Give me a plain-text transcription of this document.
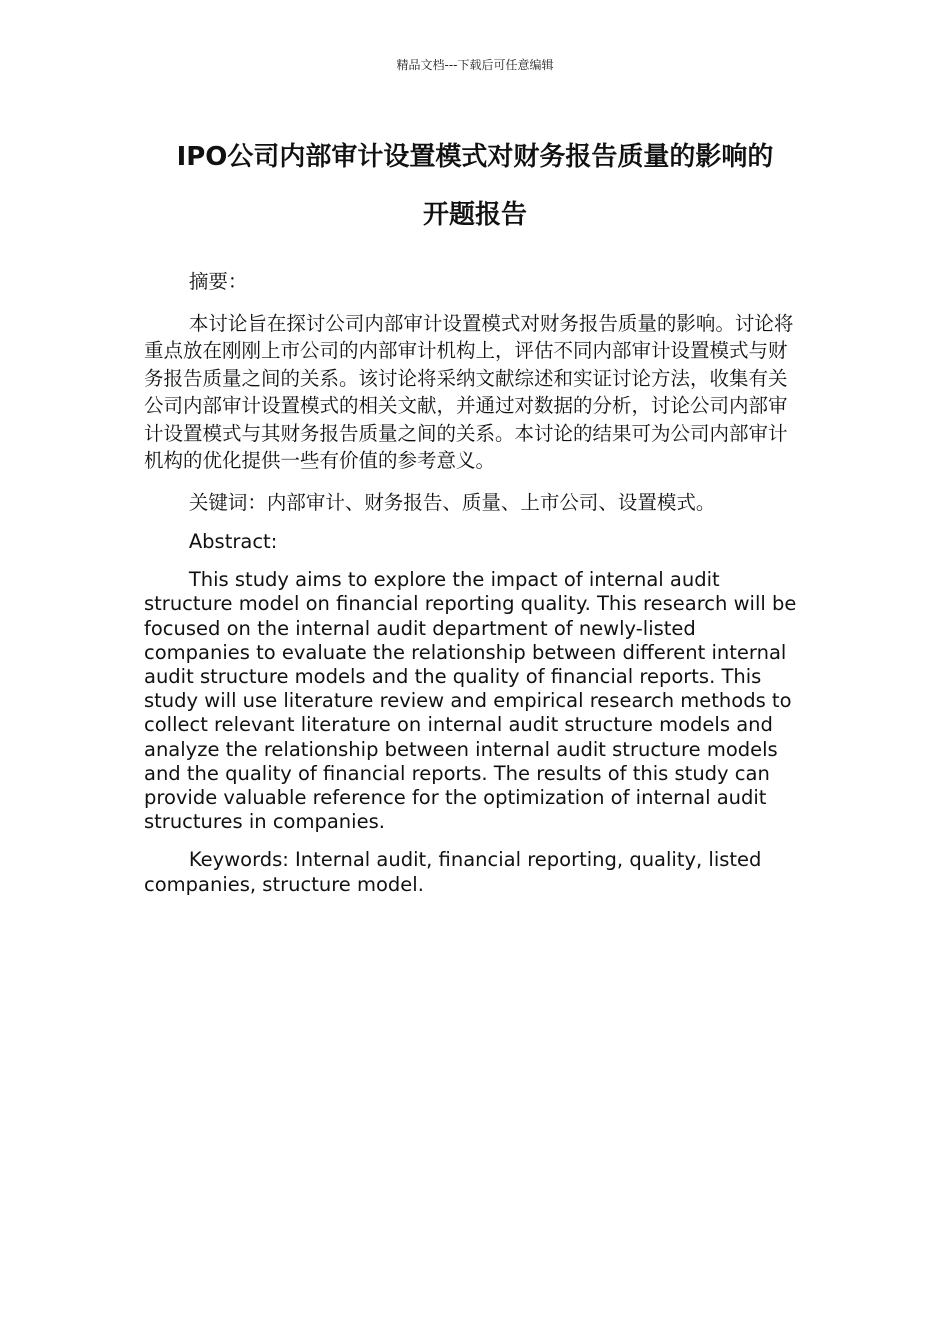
精品文档---下载后可任意编辑
IPO公司内部审计设置模式对财务报告质量的影响的
开题报告

摘要：

本讨论旨在探讨公司内部审计设置模式对财务报告质量的影响。讨论将重点放在刚刚上市公司的内部审计机构上，评估不同内部审计设置模式与财务报告质量之间的关系。该讨论将采纳文献综述和实证讨论方法，收集有关公司内部审计设置模式的相关文献，并通过对数据的分析，讨论公司内部审计设置模式与其财务报告质量之间的关系。本讨论的结果可为公司内部审计机构的优化提供一些有价值的参考意义。

关键词：内部审计、财务报告、质量、上市公司、设置模式。

Abstract:

This study aims to explore the impact of internal audit structure model on financial reporting quality. This research will be focused on the internal audit department of newly-listed companies to evaluate the relationship between different internal audit structure models and the quality of financial reports. This study will use literature review and empirical research methods to collect relevant literature on internal audit structure models and analyze the relationship between internal audit structure models and the quality of financial reports. The results of this study can provide valuable reference for the optimization of internal audit structures in companies.

Keywords: Internal audit, financial reporting, quality, listed companies, structure model.
